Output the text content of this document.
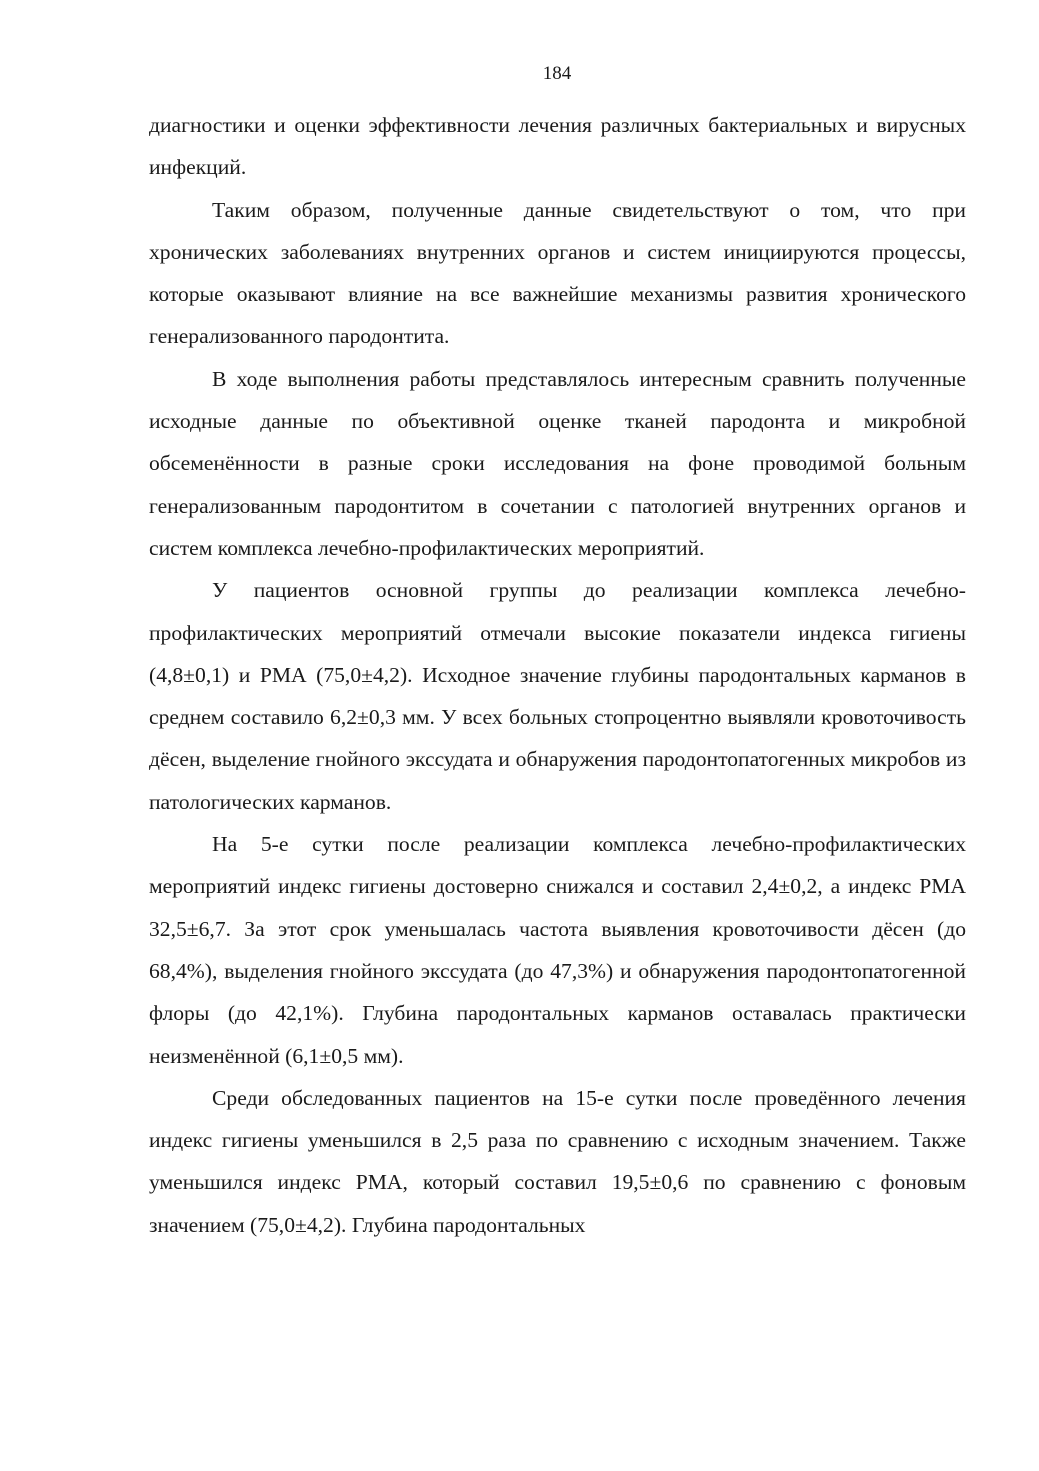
184

диагностики и оценки эффективности лечения различных бактериальных и вирусных инфекций.

Таким образом, полученные данные свидетельствуют о том, что при хронических заболеваниях внутренних органов и систем инициируются процессы, которые оказывают влияние на все важнейшие механизмы развития хронического генерализованного пародонтита.

В ходе выполнения работы представлялось интересным сравнить полученные исходные данные по объективной оценке тканей пародонта и микробной обсеменённости в разные сроки исследования на фоне проводимой больным генерализованным пародонтитом в сочетании с патологией внутренних органов и систем комплекса лечебно-профилактических мероприятий.

У пациентов основной группы до реализации комплекса лечебно-профилактических мероприятий отмечали высокие показатели индекса гигиены (4,8±0,1) и РМА (75,0±4,2). Исходное значение глубины пародонтальных карманов в среднем составило 6,2±0,3 мм. У всех больных стопроцентно выявляли кровоточивость дёсен, выделение гнойного экссудата и обнаружения пародонтопатогенных микробов из патологических карманов.

На 5-е сутки после реализации комплекса лечебно-профилактических мероприятий индекс гигиены достоверно снижался и составил 2,4±0,2, а индекс РМА 32,5±6,7. За этот срок уменьшалась частота выявления кровоточивости дёсен (до 68,4%), выделения гнойного экссудата (до 47,3%) и обнаружения пародонтопатогенной флоры (до 42,1%). Глубина пародонтальных карманов оставалась практически неизменённой (6,1±0,5 мм).

Среди обследованных пациентов на 15-е сутки после проведённого лечения индекс гигиены уменьшился в 2,5 раза по сравнению с исходным значением. Также уменьшился индекс РМА, который составил 19,5±0,6 по сравнению с фоновым значением (75,0±4,2). Глубина пародонтальных
